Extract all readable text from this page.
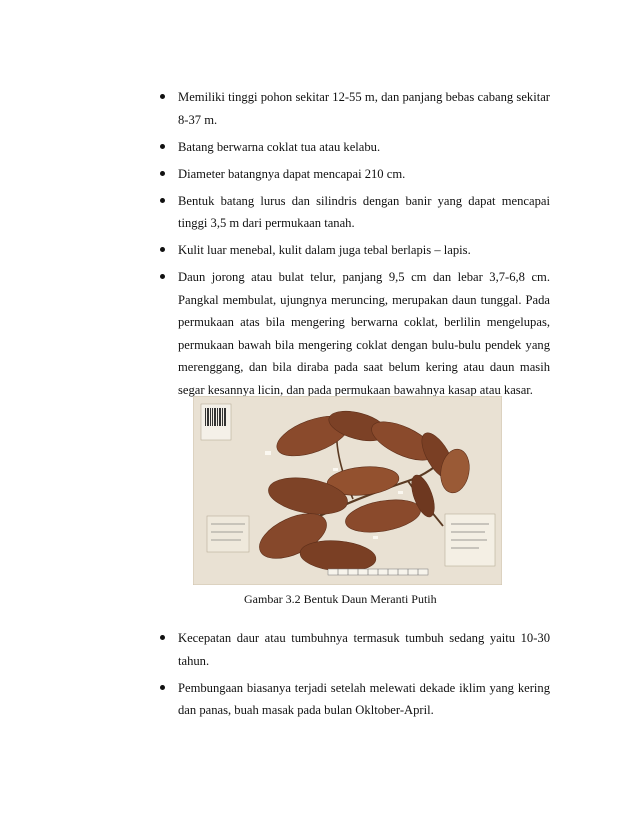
Memiliki tinggi pohon sekitar 12-55 m, dan panjang bebas cabang sekitar 8-37 m.
Batang berwarna coklat tua atau kelabu.
Diameter batangnya dapat mencapai 210 cm.
Bentuk batang lurus dan silindris dengan banir yang dapat mencapai tinggi 3,5 m dari permukaan tanah.
Kulit luar menebal, kulit dalam juga tebal berlapis – lapis.
Daun jorong atau bulat telur, panjang 9,5 cm dan lebar 3,7-6,8 cm. Pangkal membulat, ujungnya meruncing, merupakan daun tunggal. Pada permukaan atas bila mengering berwarna coklat, berlilin mengelupas, permukaan bawah bila mengering coklat dengan bulu-bulu pendek yang merenggang, dan bila diraba pada saat belum kering atau daun masih segar kesannya licin, dan pada permukaan bawahnya kasap atau kasar.
Gambar 3.2 Bentuk Daun Meranti Putih
Kecepatan daur atau tumbuhnya termasuk tumbuh sedang yaitu 10-30 tahun.
Pembungaan biasanya terjadi setelah melewati dekade iklim yang kering dan panas, buah masak pada bulan Okltober-April.
